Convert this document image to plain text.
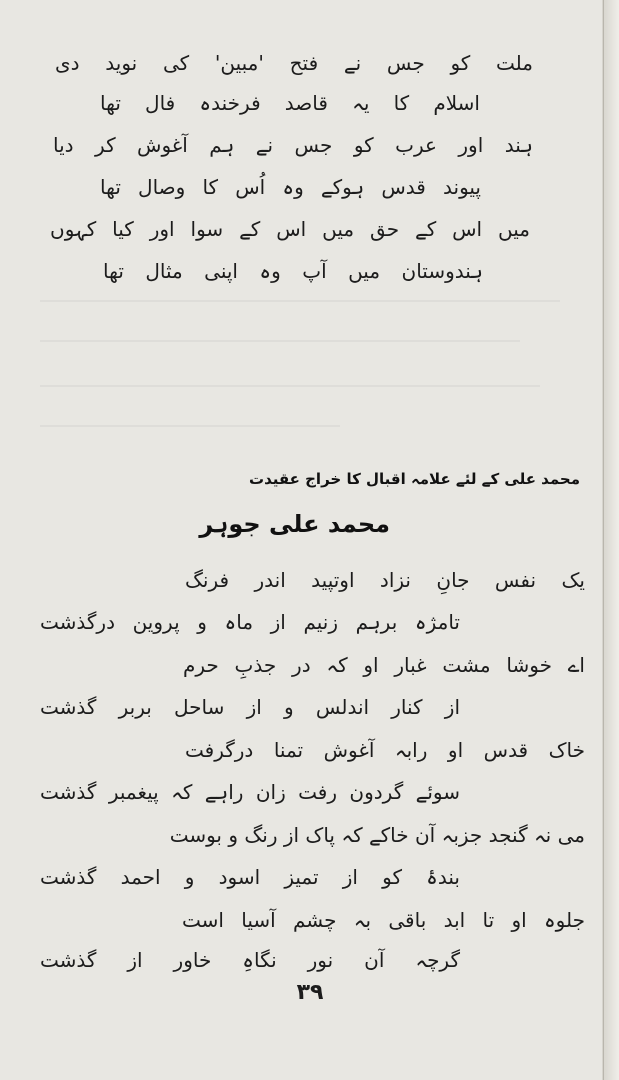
ملت کو جس نے فتح 'مبین' کی نوید دی
اسلام کا یہ قاصد فرخندہ فال تھا
ہند اور عرب کو جس نے ہم آغوش کر دیا
پیوند قدس ہوکے وہ اُس کا وصال تھا
میں اس کے حق میں اس کے سوا اور کیا کہوں
ہندوستان میں آپ وہ اپنی مثال تھا
محمد علی کے لئے علامہ اقبال کا خراج عقیدت
محمد علی جوہر
یک نفس جانِ نزاد اوتپید اندر فرنگ
تامژہ برہم زنیم از ماہ و پروین درگذشت
اے خوشا مشت غبار او کہ در جذبِ حرم
از کنار اندلس و از ساحل بربر گذشت
خاک قدس او رابہ آغوش تمنا درگرفت
سوئے گردون رفت زان راہے کہ پیغمبر گذشت
می نہ گنجد جزبہ آن خاکے کہ پاک از رنگ و بوست
بندۂ کو از تمیز اسود و احمد گذشت
جلوہ او تا ابد باقی بہ چشم آسیا است
گرچہ آن نور نگاہِ خاور از گذشت
۳۹
